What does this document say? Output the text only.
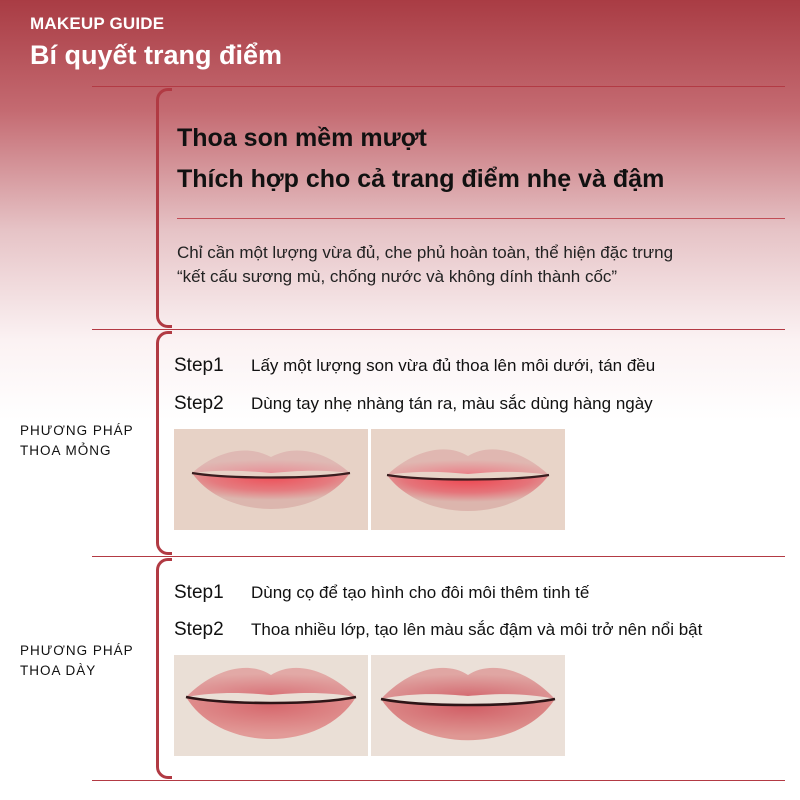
MAKEUP GUIDE
Bí quyết trang điểm
Thoa son mềm mượt
Thích hợp cho cả trang điểm nhẹ và đậm
Chỉ cần một lượng vừa đủ, che phủ hoàn toàn, thể hiện đặc trưng
“kết cấu sương mù, chống nước và không dính thành cốc”
PHƯƠNG PHÁP
THOA MỎNG
Step1 Lấy một lượng son vừa đủ thoa lên môi dưới, tán đều
Step2 Dùng tay nhẹ nhàng tán ra, màu sắc dùng hàng ngày
PHƯƠNG PHÁP
THOA DÀY
Step1 Dùng cọ để tạo hình cho đôi môi thêm tinh tế
Step2 Thoa nhiều lớp, tạo lên màu sắc đậm và môi trở nên nổi bật
